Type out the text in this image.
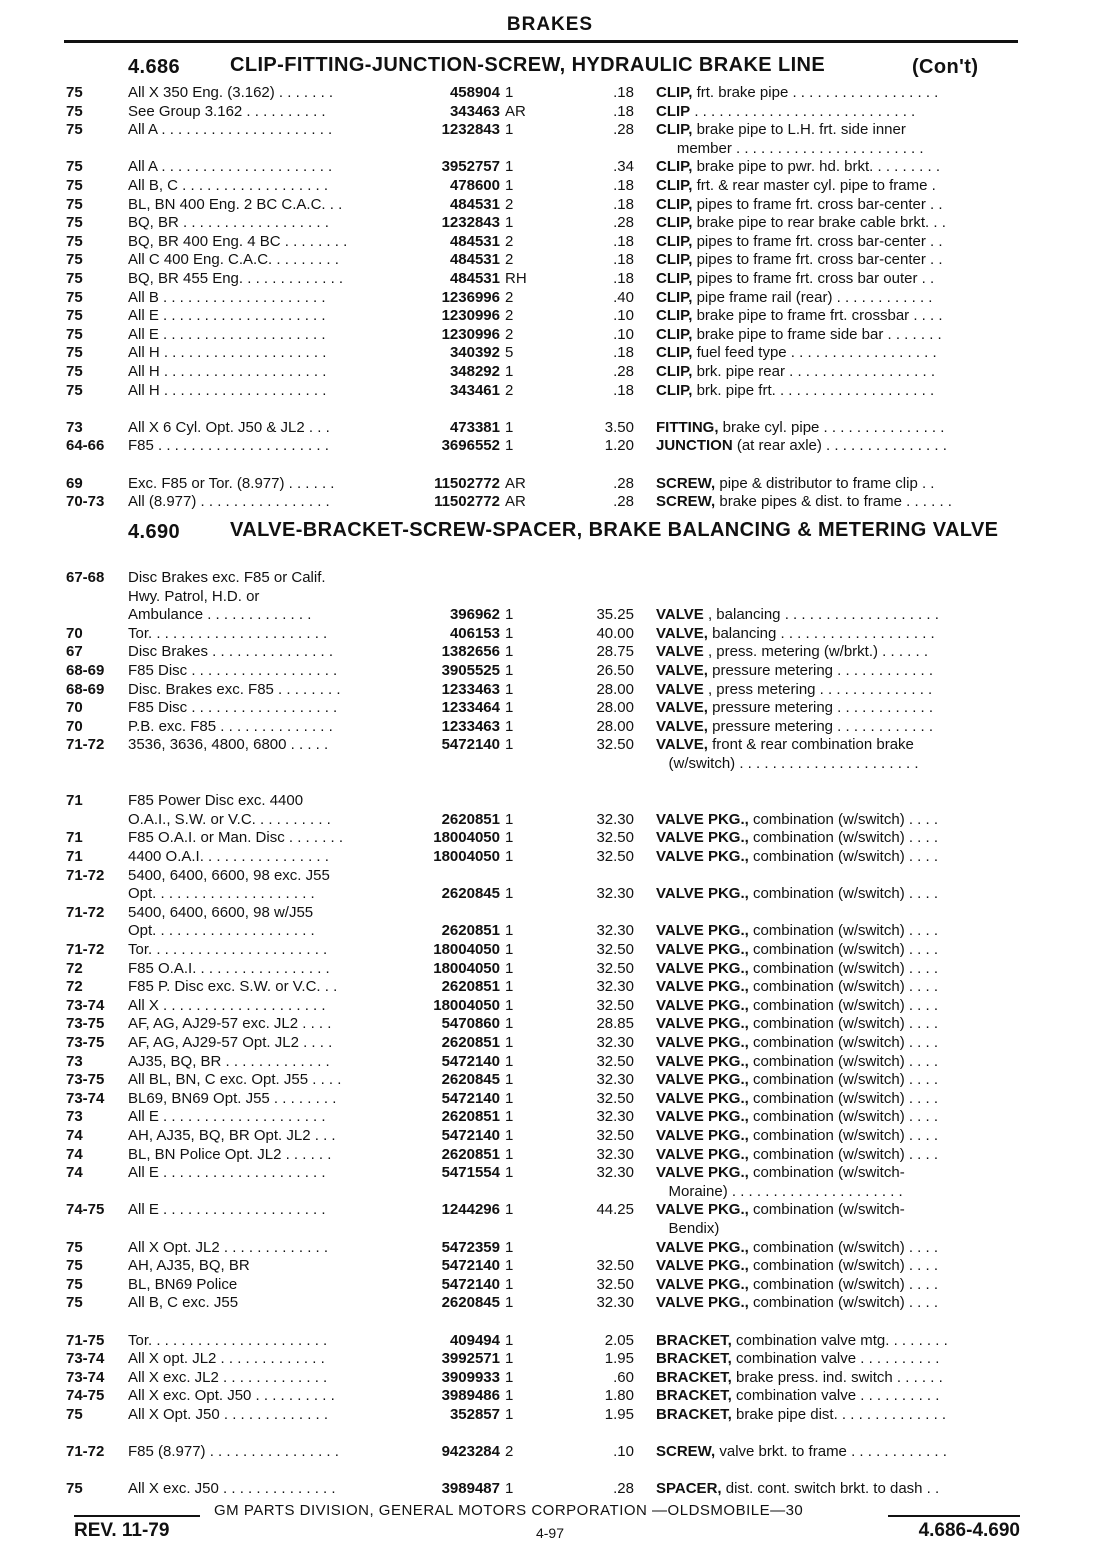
BRAKES
4.686 CLIP-FITTING-JUNCTION-SCREW, HYDRAULIC BRAKE LINE	(Con't)
75	All X 350 Eng. (3.162) . . . . . . .	458904 1	.18 CLIP, frt. brake pipe . . . . . . . . . . . . . . . . . .
75	See Group 3.162 . . . . . . . . . .	343463 AR	.18 CLIP . . . . . . . . . . . . . . . . . . . . . . . . . . .
75	All A . . . . . . . . . . . . . . . . . . . . .	1232843 1	.28 CLIP, brake pipe to L.H. frt. side inner
member . . . . . . . . . . . . . . . . . . . . . . .
75	All A . . . . . . . . . . . . . . . . . . . . .	3952757 1	.34 CLIP, brake pipe to pwr. hd. brkt. . . . . . . . .
75	All B, C . . . . . . . . . . . . . . . . . .	478600 1	.18 CLIP, frt. & rear master cyl. pipe to frame .
75	BL, BN 400 Eng. 2 BC C.A.C. . .	484531 2	.18 CLIP, pipes to frame frt. cross bar-center . .
75	BQ, BR . . . . . . . . . . . . . . . . . .	1232843 1	.28 CLIP, brake pipe to rear brake cable brkt. . .
75	BQ, BR 400 Eng. 4 BC . . . . . . . .	484531 2	.18 CLIP, pipes to frame frt. cross bar-center . .
75	All C 400 Eng. C.A.C. . . . . . . . .	484531 2	.18 CLIP, pipes to frame frt. cross bar-center . .
75	BQ, BR 455 Eng. . . . . . . . . . . . .	484531 RH	.18 CLIP, pipes to frame frt. cross bar outer . .
75	All B . . . . . . . . . . . . . . . . . . . .	1236996 2	.40 CLIP, pipe frame rail (rear) . . . . . . . . . . . .
75	All E . . . . . . . . . . . . . . . . . . . .	1230996 2	.10 CLIP, brake pipe to frame frt. crossbar . . . .
75	All E . . . . . . . . . . . . . . . . . . . .	1230996 2	.10 CLIP, brake pipe to frame side bar . . . . . . .
75	All H . . . . . . . . . . . . . . . . . . . .	340392 5	.18 CLIP, fuel feed type . . . . . . . . . . . . . . . . . .
75	All H . . . . . . . . . . . . . . . . . . . .	348292 1	.28 CLIP, brk. pipe rear . . . . . . . . . . . . . . . . . .
75	All H . . . . . . . . . . . . . . . . . . . .	343461 2	.18 CLIP, brk. pipe frt. . . . . . . . . . . . . . . . . . . .
73	All X 6 Cyl. Opt. J50 & JL2 . . .	473381 1	3.50 FITTING, brake cyl. pipe . . . . . . . . . . . . . . .
64-66	F85 . . . . . . . . . . . . . . . . . . . . .	3696552 1	1.20 JUNCTION (at rear axle) . . . . . . . . . . . . . . .
69	Exc. F85 or Tor. (8.977) . . . . . .	11502772 AR	.28 SCREW, pipe & distributor to frame clip . .
70-73	All (8.977) . . . . . . . . . . . . . . . .	11502772 AR	.28 SCREW, brake pipes & dist. to frame . . . . . .
4.690 VALVE-BRACKET-SCREW-SPACER, BRAKE BALANCING & METERING VALVE
67-68	Disc Brakes exc. F85 or Calif.
Hwy. Patrol, H.D. or
Ambulance . . . . . . . . . . . . .	396962 1	35.25 VALVE , balancing . . . . . . . . . . . . . . . . . . .
70	Tor. . . . . . . . . . . . . . . . . . . . . .	406153 1	40.00 VALVE, balancing . . . . . . . . . . . . . . . . . . .
67	Disc Brakes . . . . . . . . . . . . . . .	1382656 1	28.75 VALVE , press. metering (w/brkt.) . . . . . .
68-69	F85 Disc . . . . . . . . . . . . . . . . . .	3905525 1	26.50 VALVE, pressure metering . . . . . . . . . . . .
68-69	Disc. Brakes exc. F85 . . . . . . . .	1233463 1	28.00 VALVE , press metering . . . . . . . . . . . . . .
70	F85 Disc . . . . . . . . . . . . . . . . . .	1233464 1	28.00 VALVE, pressure metering . . . . . . . . . . . .
70	P.B. exc. F85 . . . . . . . . . . . . . .	1233463 1	28.00 VALVE, pressure metering . . . . . . . . . . . .
71-72	3536, 3636, 4800, 6800 . . . . .	5472140 1	32.50 VALVE, front & rear combination brake
(w/switch) . . . . . . . . . . . . . . . . . . . . . .
71	F85 Power Disc exc. 4400
O.A.I., S.W. or V.C. . . . . . . . . .	2620851 1	32.30 VALVE PKG., combination (w/switch) . . . .
71	F85 O.A.I. or Man. Disc . . . . . . .	18004050 1	32.50 VALVE PKG., combination (w/switch) . . . .
71	4400 O.A.I. . . . . . . . . . . . . . . .	18004050 1	32.50 VALVE PKG., combination (w/switch) . . . .
71-72	5400, 6400, 6600, 98 exc. J55
Opt. . . . . . . . . . . . . . . . . . . .	2620845 1	32.30 VALVE PKG., combination (w/switch) . . . .
71-72	5400, 6400, 6600, 98 w/J55
Opt. . . . . . . . . . . . . . . . . . . .	2620851 1	32.30 VALVE PKG., combination (w/switch) . . . .
71-72	Tor. . . . . . . . . . . . . . . . . . . . . .	18004050 1	32.50 VALVE PKG., combination (w/switch) . . . .
72	F85 O.A.I. . . . . . . . . . . . . . . . .	18004050 1	32.50 VALVE PKG., combination (w/switch) . . . .
72	F85 P. Disc exc. S.W. or V.C. . .	2620851 1	32.30 VALVE PKG., combination (w/switch) . . . .
73-74	All X . . . . . . . . . . . . . . . . . . . .	18004050 1	32.50 VALVE PKG., combination (w/switch) . . . .
73-75	AF, AG, AJ29-57 exc. JL2 . . . .	5470860 1	28.85 VALVE PKG., combination (w/switch) . . . .
73-75	AF, AG, AJ29-57 Opt. JL2 . . . .	2620851 1	32.30 VALVE PKG., combination (w/switch) . . . .
73	AJ35, BQ, BR . . . . . . . . . . . . .	5472140 1	32.50 VALVE PKG., combination (w/switch) . . . .
73-75	All BL, BN, C exc. Opt. J55 . . . .	2620845 1	32.30 VALVE PKG., combination (w/switch) . . . .
73-74	BL69, BN69 Opt. J55 . . . . . . . .	5472140 1	32.50 VALVE PKG., combination (w/switch) . . . .
73	All E . . . . . . . . . . . . . . . . . . . .	2620851 1	32.30 VALVE PKG., combination (w/switch) . . . .
74	AH, AJ35, BQ, BR Opt. JL2 . . .	5472140 1	32.50 VALVE PKG., combination (w/switch) . . . .
74	BL, BN Police Opt. JL2 . . . . . .	2620851 1	32.30 VALVE PKG., combination (w/switch) . . . .
74	All E . . . . . . . . . . . . . . . . . . . .	5471554 1	32.30 VALVE PKG., combination (w/switch-
Moraine) . . . . . . . . . . . . . . . . . . . . .
74-75	All E . . . . . . . . . . . . . . . . . . . .	1244296 1	44.25 VALVE PKG., combination (w/switch-
Bendix)
75	All X Opt. JL2 . . . . . . . . . . . . .	5472359 1	VALVE PKG., combination (w/switch) . . . .
75	AH, AJ35, BQ, BR	5472140 1	32.50 VALVE PKG., combination (w/switch) . . . .
75	BL, BN69 Police	5472140 1	32.50 VALVE PKG., combination (w/switch) . . . .
75	All B, C exc. J55	2620845 1	32.30 VALVE PKG., combination (w/switch) . . . .
71-75	Tor. . . . . . . . . . . . . . . . . . . . . .	409494 1	2.05 BRACKET, combination valve mtg. . . . . . . .
73-74	All X opt. JL2 . . . . . . . . . . . . .	3992571 1	1.95 BRACKET, combination valve . . . . . . . . . .
73-74	All X exc. JL2 . . . . . . . . . . . . .	3909933 1	.60 BRACKET, brake press. ind. switch . . . . . .
74-75	All X exc. Opt. J50 . . . . . . . . . .	3989486 1	1.80 BRACKET, combination valve . . . . . . . . . .
75	All X Opt. J50 . . . . . . . . . . . . .	352857 1	1.95 BRACKET, brake pipe dist. . . . . . . . . . . . . .
71-72	F85 (8.977) . . . . . . . . . . . . . . . .	9423284 2	.10 SCREW, valve brkt. to frame . . . . . . . . . . . .
75	All X exc. J50 . . . . . . . . . . . . . .	3989487 1	.28 SPACER, dist. cont. switch brkt. to dash . .
GM PARTS DIVISION, GENERAL MOTORS CORPORATION —OLDSMOBILE—30
REV. 11-79	4-97	4.686-4.690
